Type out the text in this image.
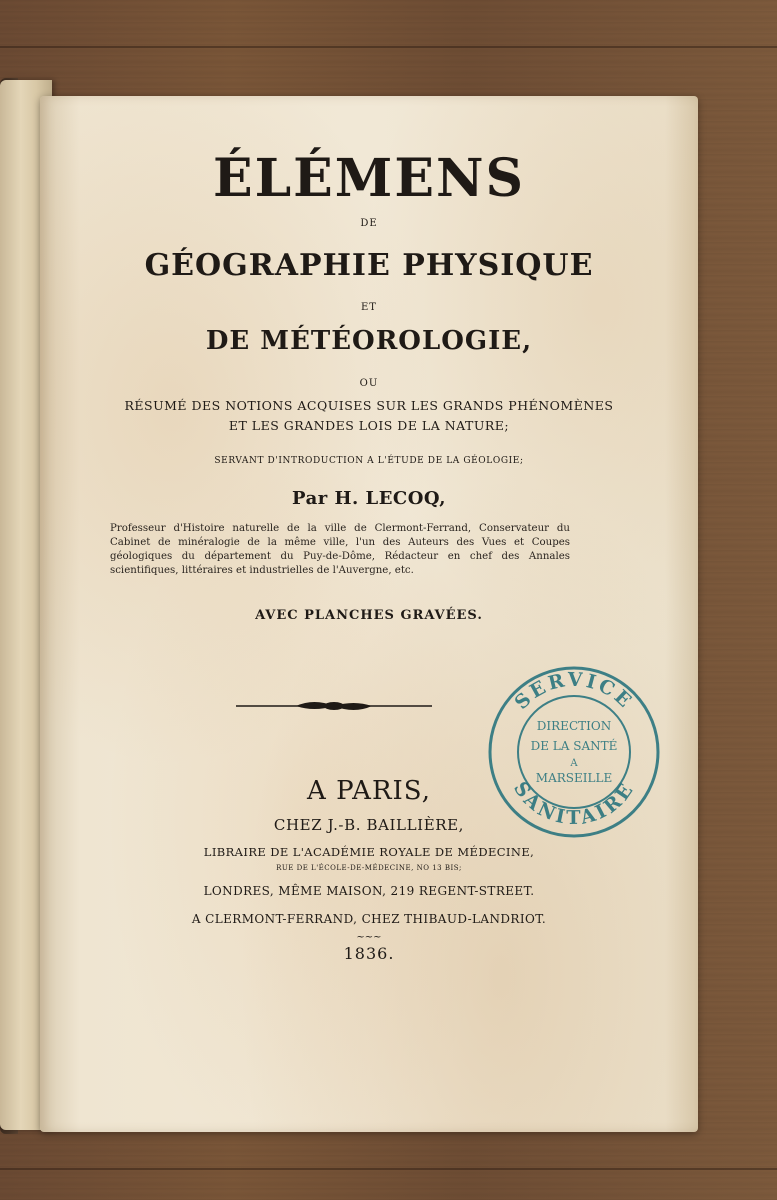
ÉLÉMENS
DE
GÉOGRAPHIE PHYSIQUE
ET
DE MÉTÉOROLOGIE,
OU
RÉSUMÉ DES NOTIONS ACQUISES SUR LES GRANDS PHÉNOMÈNES
ET LES GRANDES LOIS DE LA NATURE;
SERVANT D'INTRODUCTION A L'ÉTUDE DE LA GÉOLOGIE;
Par H. LECOQ,
Professeur d'Histoire naturelle de la ville de Clermont-Ferrand, Conservateur du Cabinet de minéralogie de la même ville, l'un des Auteurs des Vues et Coupes géologiques du département du Puy-de-Dôme, Rédacteur en chef des Annales scientifiques, littéraires et industrielles de l'Auvergne, etc.
AVEC PLANCHES GRAVÉES.
A PARIS,
CHEZ J.-B. BAILLIÈRE,
LIBRAIRE DE L'ACADÉMIE ROYALE DE MÉDECINE,
RUE DE L'ÉCOLE-DE-MÉDECINE, NO 13 BIS;
LONDRES, MÊME MAISON, 219 REGENT-STREET.
A CLERMONT-FERRAND, CHEZ THIBAUD-LANDRIOT.
~~~
1836.
SERVICE
SANITAIRE
DIRECTION
DE LA SANTÉ
A
MARSEILLE
